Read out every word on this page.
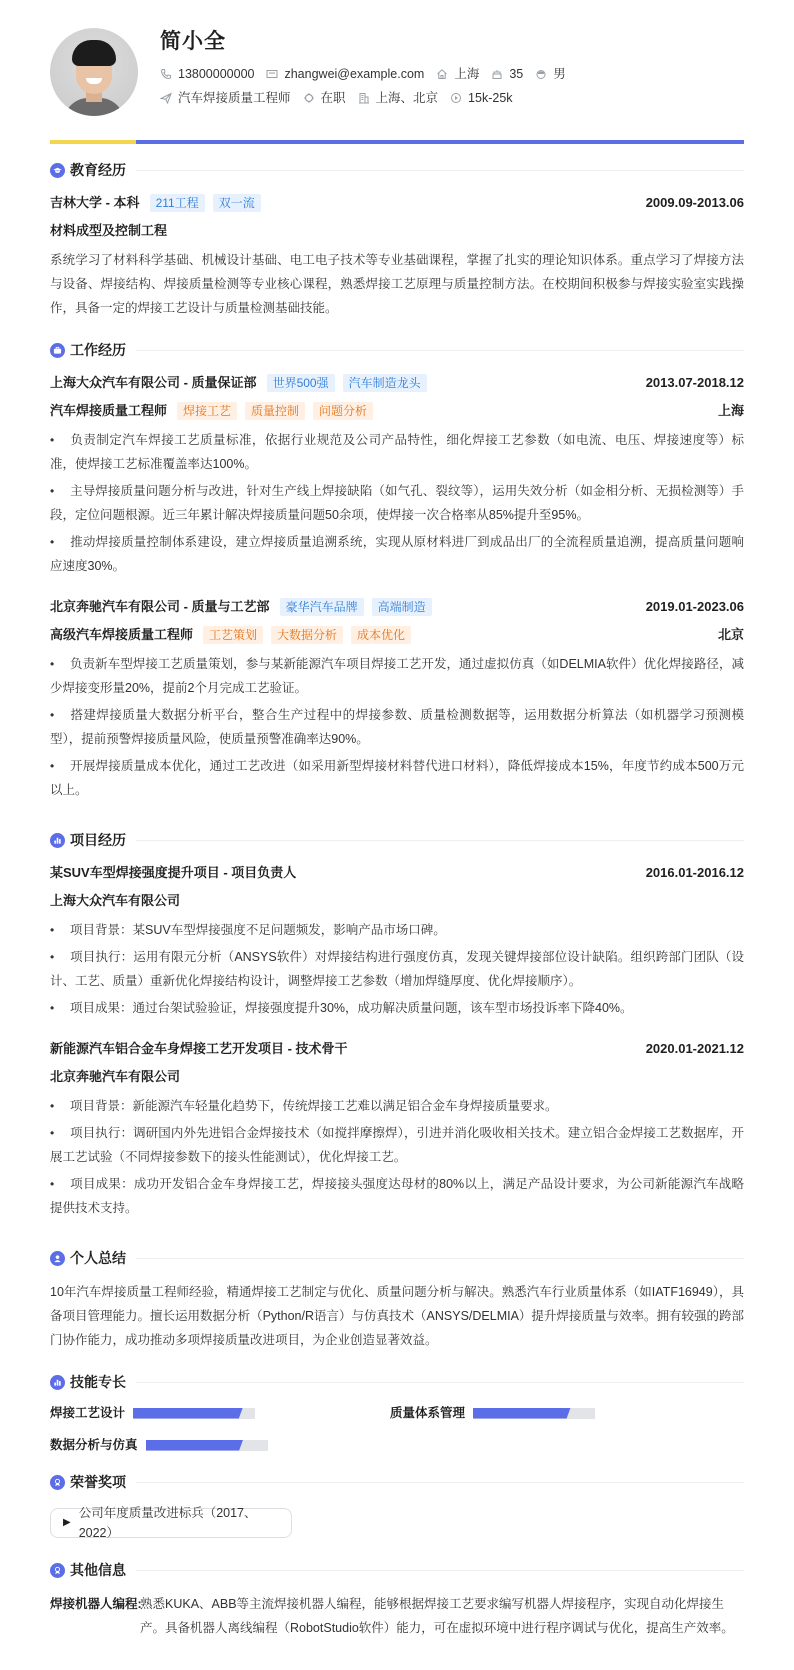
简小全
13800000000 zhangwei@example.com 上海 35 男
汽车焊接质量工程师 在职 上海、北京 15k-25k
教育经历
吉林大学 - 本科	211工程	双一流	2009.09-2013.06
材料成型及控制工程

系统学习了材料科学基础、机械设计基础、电工电子技术等专业基础课程，掌握了扎实的理论知识体系。重点学习了焊接方法与设备、焊接结构、焊接质量检测等专业核心课程，熟悉焊接工艺原理与质量控制方法。在校期间积极参与焊接实验室实践操作，具备一定的焊接工艺设计与质量检测基础技能。

工作经历
上海大众汽车有限公司 - 质量保证部	世界500强	汽车制造龙头	2013.07-2018.12
汽车焊接质量工程师	焊接工艺	质量控制	问题分析	上海
• 负责制定汽车焊接工艺质量标准，依据行业规范及公司产品特性，细化焊接工艺参数（如电流、电压、焊接速度等）标准，使焊接工艺标准覆盖率达100%。
• 主导焊接质量问题分析与改进，针对生产线上焊接缺陷（如气孔、裂纹等），运用失效分析（如金相分析、无损检测等）手段，定位问题根源。近三年累计解决焊接质量问题50余项，使焊接一次合格率从85%提升至95%。
• 推动焊接质量控制体系建设，建立焊接质量追溯系统，实现从原材料进厂到成品出厂的全流程质量追溯，提高质量问题响应速度30%。
北京奔驰汽车有限公司 - 质量与工艺部	豪华汽车品牌	高端制造	2019.01-2023.06
高级汽车焊接质量工程师	工艺策划	大数据分析	成本优化	北京
• 负责新车型焊接工艺质量策划，参与某新能源汽车项目焊接工艺开发，通过虚拟仿真（如DELMIA软件）优化焊接路径，减少焊接变形量20%，提前2个月完成工艺验证。
• 搭建焊接质量大数据分析平台，整合生产过程中的焊接参数、质量检测数据等，运用数据分析算法（如机器学习预测模型），提前预警焊接质量风险，使质量预警准确率达90%。
• 开展焊接质量成本优化，通过工艺改进（如采用新型焊接材料替代进口材料），降低焊接成本15%，年度节约成本500万元以上。
项目经历
某SUV车型焊接强度提升项目 - 项目负责人	2016.01-2016.12
上海大众汽车有限公司
• 项目背景：某SUV车型焊接强度不足问题频发，影响产品市场口碑。
• 项目执行：运用有限元分析（ANSYS软件）对焊接结构进行强度仿真，发现关键焊接部位设计缺陷。组织跨部门团队（设计、工艺、质量）重新优化焊接结构设计，调整焊接工艺参数（增加焊缝厚度、优化焊接顺序）。
• 项目成果：通过台架试验验证，焊接强度提升30%，成功解决质量问题，该车型市场投诉率下降40%。
新能源汽车铝合金车身焊接工艺开发项目 - 技术骨干	2020.01-2021.12
北京奔驰汽车有限公司
• 项目背景：新能源汽车轻量化趋势下，传统焊接工艺难以满足铝合金车身焊接质量要求。
• 项目执行：调研国内外先进铝合金焊接技术（如搅拌摩擦焊），引进并消化吸收相关技术。建立铝合金焊接工艺数据库，开展工艺试验（不同焊接参数下的接头性能测试），优化焊接工艺。
• 项目成果：成功开发铝合金车身焊接工艺，焊接接头强度达母材的80%以上，满足产品设计要求，为公司新能源汽车战略提供技术支持。
个人总结

10年汽车焊接质量工程师经验，精通焊接工艺制定与优化、质量问题分析与解决。熟悉汽车行业质量体系（如IATF16949），具备项目管理能力。擅长运用数据分析（Python/R语言）与仿真技术（ANSYS/DELMIA）提升焊接质量与效率。拥有较强的跨部门协作能力，成功推动多项焊接质量改进项目，为企业创造显著效益。

技能专长
焊接工艺设计	质量体系管理
数据分析与仿真
荣誉奖项
▶
公司年度质量改进标兵（2017、2022）
其他信息
焊接机器人编程:
熟悉KUKA、ABB等主流焊接机器人编程，能够根据焊接工艺要求编写机器人焊接程序，实现自动化焊接生产。具备机器人离线编程（RobotStudio软件）能力，可在虚拟环境中进行程序调试与优化，提高生产效率。
